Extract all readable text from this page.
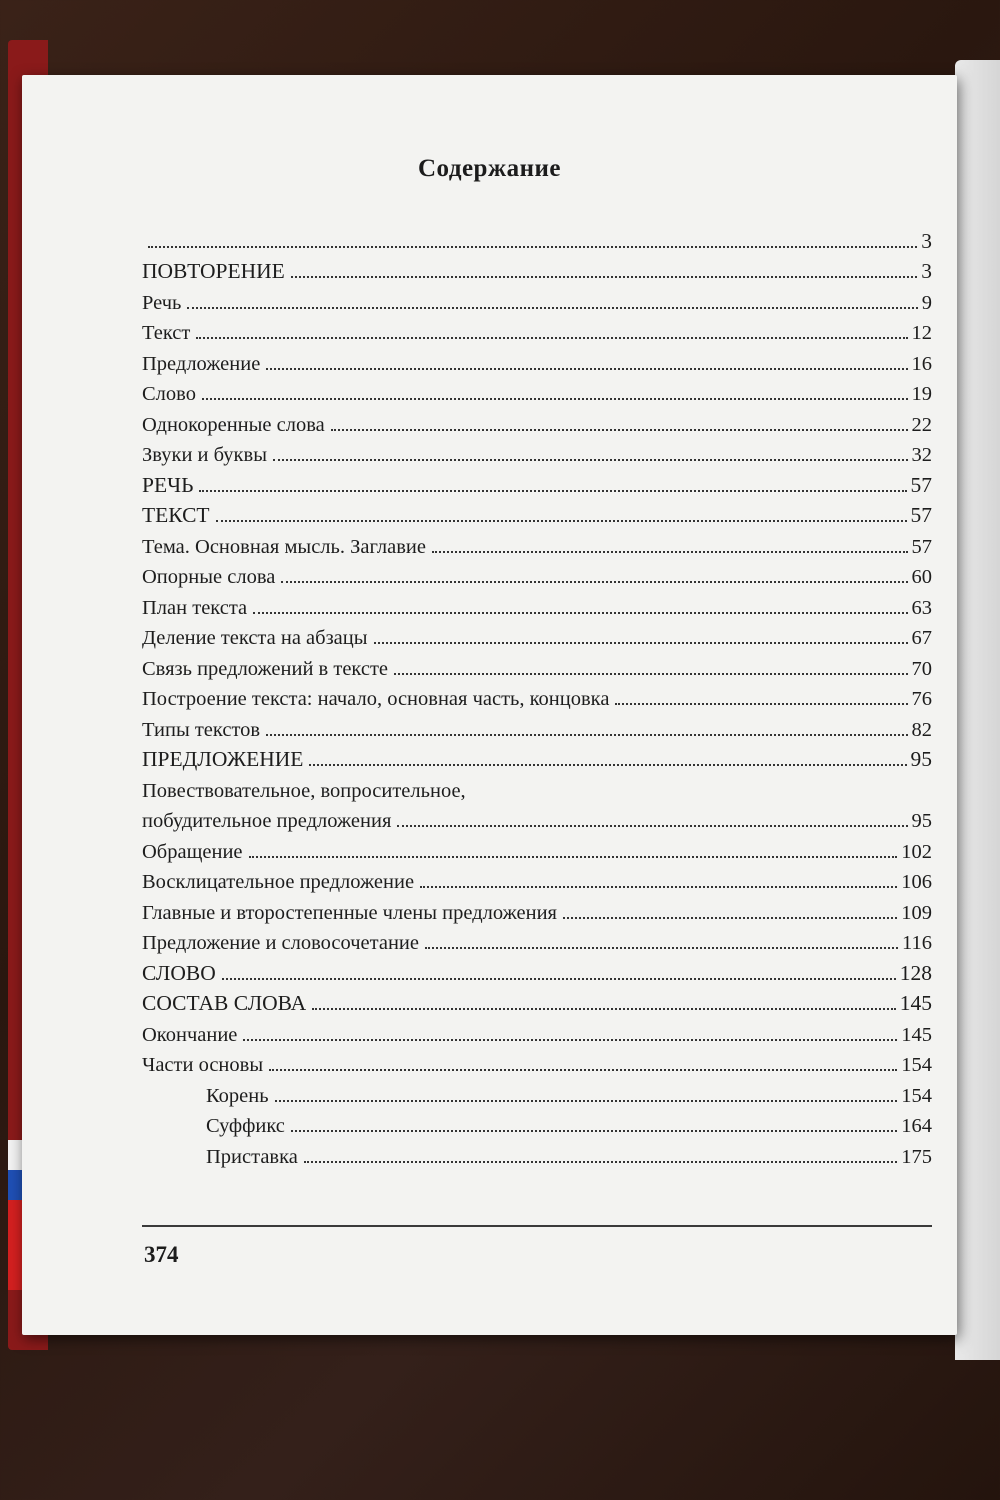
Содержание
3
ПОВТОРЕНИЕ	3
Речь	9
Текст	12
Предложение	16
Слово	19
Однокоренные слова	22
Звуки и буквы	32
РЕЧЬ	57
ТЕКСТ	57
Тема. Основная мысль. Заглавие	57
Опорные слова	60
План текста	63
Деление текста на абзацы	67
Связь предложений в тексте	70
Построение текста: начало, основная часть, концовка	76
Типы текстов	82
ПРЕДЛОЖЕНИЕ	95
Повествовательное, вопросительное,
побудительное предложения	95
Обращение	102
Восклицательное предложение	106
Главные и второстепенные члены предложения	109
Предложение и словосочетание	116
СЛОВО	128
СОСТАВ СЛОВА	145
Окончание	145
Части основы	154
Корень	154
Суффикс	164
Приставка	175
374
